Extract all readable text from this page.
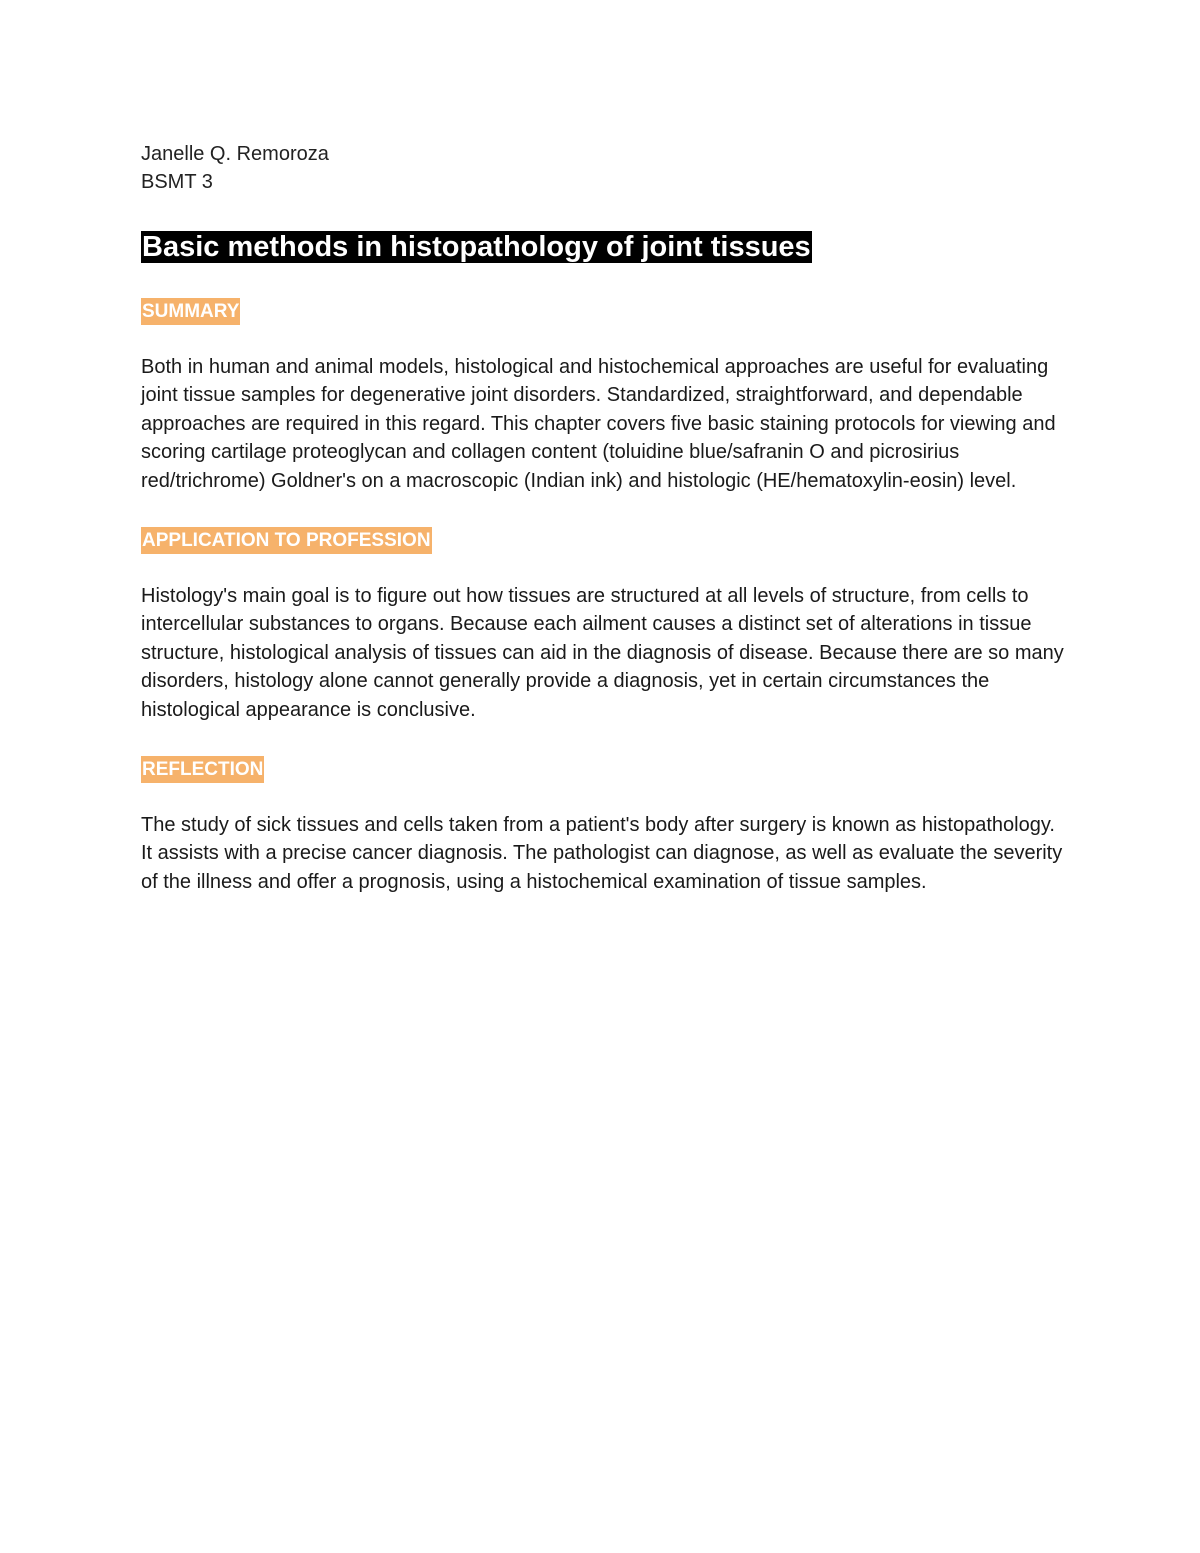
Janelle Q. Remoroza

BSMT 3

Basic methods in histopathology of joint tissues
SUMMARY

Both in human and animal models, histological and histochemical approaches are useful for evaluating joint tissue samples for degenerative joint disorders. Standardized, straightforward, and dependable approaches are required in this regard. This chapter covers five basic staining protocols for viewing and scoring cartilage proteoglycan and collagen content (toluidine blue/safranin O and picrosirius red/trichrome) Goldner's on a macroscopic (Indian ink) and histologic (HE/hematoxylin-eosin) level.

APPLICATION TO PROFESSION

Histology's main goal is to figure out how tissues are structured at all levels of structure, from cells to intercellular substances to organs. Because each ailment causes a distinct set of alterations in tissue structure, histological analysis of tissues can aid in the diagnosis of disease. Because there are so many disorders, histology alone cannot generally provide a diagnosis, yet in certain circumstances the histological appearance is conclusive.

REFLECTION

The study of sick tissues and cells taken from a patient's body after surgery is known as histopathology. It assists with a precise cancer diagnosis. The pathologist can diagnose, as well as evaluate the severity of the illness and offer a prognosis, using a histochemical examination of tissue samples.
